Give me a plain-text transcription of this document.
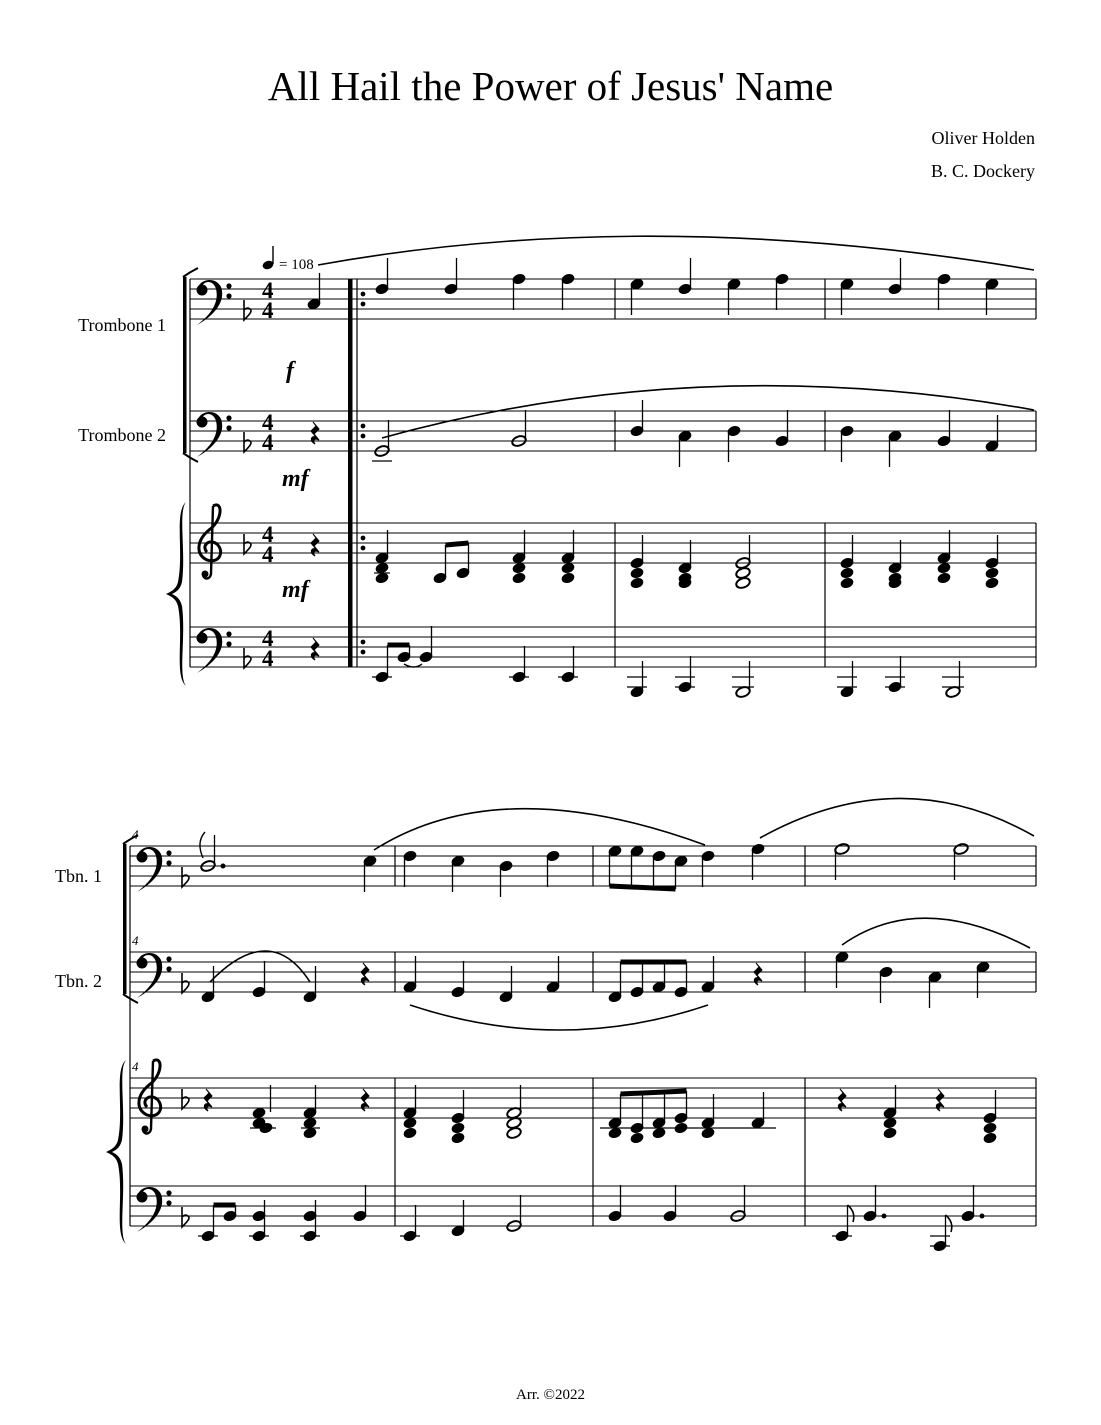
All Hail the Power of Jesus' Name
Oliver Holden
B. C. Dockery
= 108
Trombone 1
Trombone 2
4
4
4
4
4
4
4
4
f
mf
mf
4
4
4
Tbn. 1
Tbn. 2
Arr. ©2022
